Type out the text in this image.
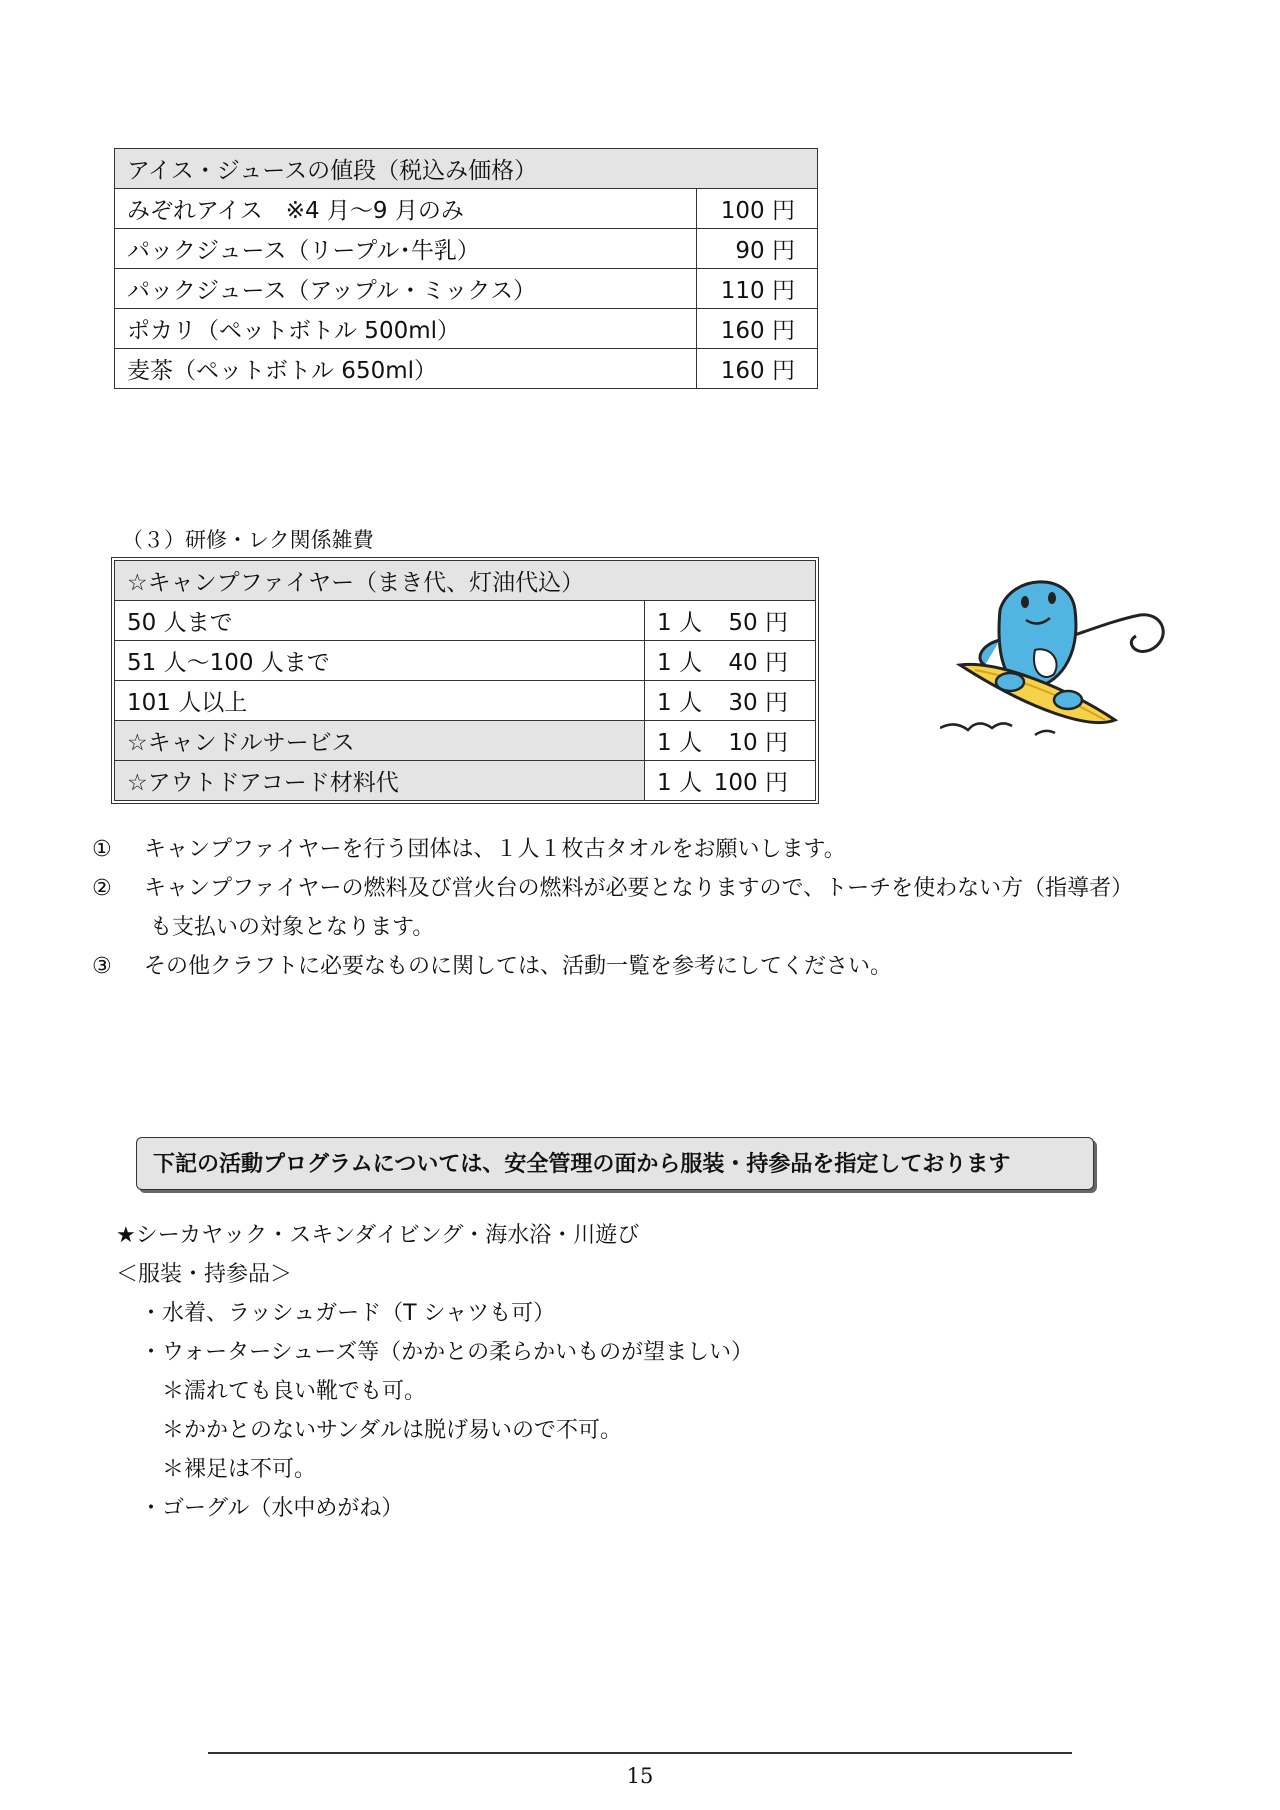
アイス・ジュースの値段（税込み価格）	
みぞれアイス　※4 月〜9 月のみ	100 円
パックジュース（リープル･牛乳）	90 円
パックジュース（アップル・ミックス）	110 円
ポカリ（ペットボトル 500ml）	160 円
麦茶（ペットボトル 650ml）	160 円
（３）研修・レク関係雑費
☆キャンプファイヤー（まき代、灯油代込）	
50 人まで	1 人 50 円
51 人〜100 人まで	1 人 40 円
101 人以上	1 人 30 円
☆キャンドルサービス	1 人 10 円
☆アウトドアコード材料代	1 人 100 円
① キャンプファイヤーを行う団体は、１人１枚古タオルをお願いします。
② キャンプファイヤーの燃料及び営火台の燃料が必要となりますので、トーチを使わない方（指導者）
も支払いの対象となります。
③ その他クラフトに必要なものに関しては、活動一覧を参考にしてください。
下記の活動プログラムについては、安全管理の面から服装・持参品を指定しております
★シーカヤック・スキンダイビング・海水浴・川遊び
＜服装・持参品＞
・水着、ラッシュガード（T シャツも可）
・ウォーターシューズ等（かかとの柔らかいものが望ましい）
＊濡れても良い靴でも可。
＊かかとのないサンダルは脱げ易いので不可。
＊裸足は不可。
・ゴーグル（水中めがね）
15
